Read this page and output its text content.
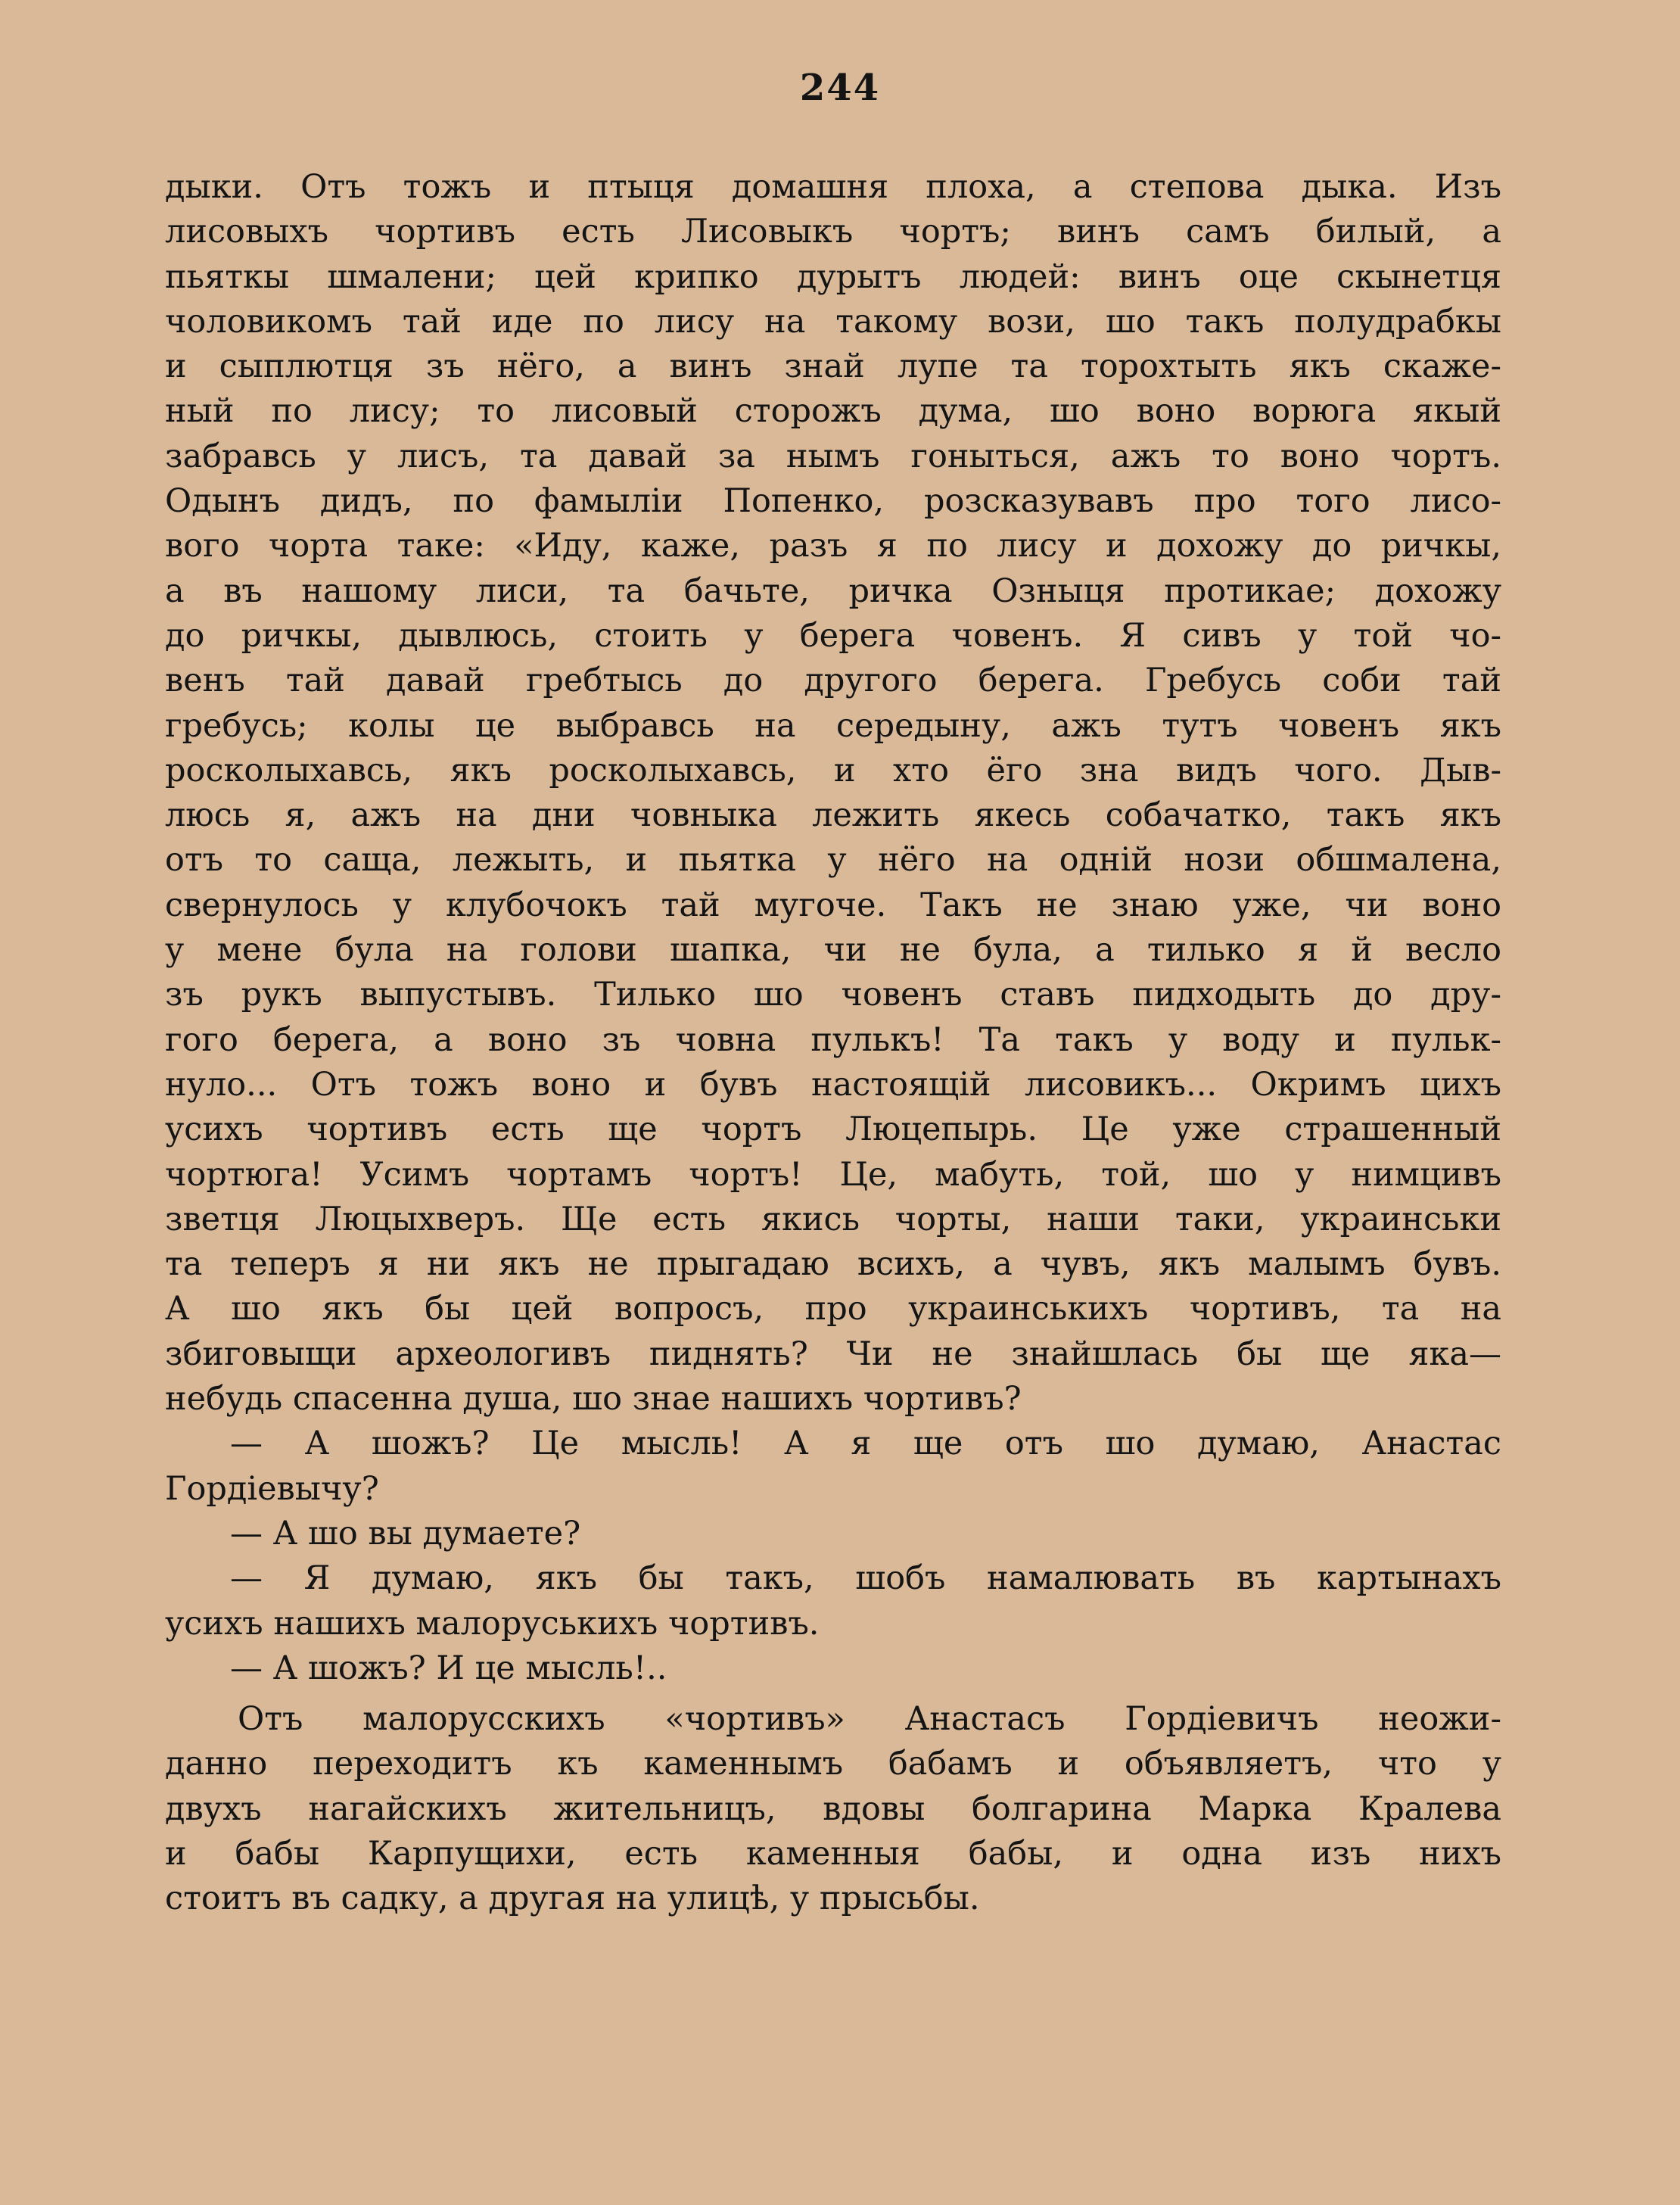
244
дыки. Отъ тожъ и птыця домашня плоха, а степова дыка. Изъ
лисовыхъ чортивъ есть Лисовыкъ чортъ; винъ самъ билый, а
пьяткы шмалени; цей крипко дурытъ людей: винъ оце скынетця
чоловикомъ тай иде по лису на такому вози, шо такъ полудрабкы
и сыплютця зъ нёго, а винъ знай лупе та торохтыть якъ скаже-
ный по лису; то лисовый сторожъ дума, шо воно ворюга якый
забравсь у лисъ, та давай за нымъ гоныться, ажъ то воно чортъ.
Одынъ дидъ, по фамыліи Попенко, розсказувавъ про того лисо-
вого чорта таке: «Иду, каже, разъ я по лису и дохожу до ричкы,
а въ нашому лиси, та бачьте, ричка Озныця протикае; дохожу
до ричкы, дывлюсь, стоить у берега човенъ. Я сивъ у той чо-
венъ тай давай гребтысь до другого берега. Гребусь соби тай
гребусь; колы це выбравсь на середыну, ажъ тутъ човенъ якъ
росколыхавсь, якъ росколыхавсь, и хто ёго зна видъ чого. Дыв-
люсь я, ажъ на дни човныка лежить якесь собачатко, такъ якъ
отъ то саща, лежыть, и пьятка у нёго на одній нози обшмалена,
свернулось у клубочокъ тай мугоче. Такъ не знаю уже, чи воно
у мене була на голови шапка, чи не була, а тилько я й весло
зъ рукъ выпустывъ. Тилько шо човенъ ставъ пидходыть до дру-
гого берега, а воно зъ човна пулькъ! Та такъ у воду и пульк-
нуло... Отъ тожъ воно и бувъ настоящій лисовикъ... Окримъ цихъ
усихъ чортивъ есть ще чортъ Люцепырь. Це уже страшенный
чортюга! Усимъ чортамъ чортъ! Це, мабуть, той, шо у нимцивъ
зветця Люцыхверъ. Ще есть якись чорты, наши таки, украинськи
та теперъ я ни якъ не прыгадаю всихъ, а чувъ, якъ малымъ бувъ.
А шо якъ бы цей вопросъ, про украинськихъ чортивъ, та на
збиговыщи археологивъ пиднять? Чи не знайшлась бы ще яка—
небудь спасенна душа, шо знае нашихъ чортивъ?
— А шожъ? Це мысль! А я ще отъ шо думаю, Анастас
Гордіевычу?
— А шо вы думаете?
— Я думаю, якъ бы такъ, шобъ намалювать въ картынахъ
усихъ нашихъ малоруськихъ чортивъ.
— А шожъ? И це мысль!..
Отъ малорусскихъ «чортивъ» Анастасъ Гордіевичъ неожи-
данно переходитъ къ каменнымъ бабамъ и объявляетъ, что у
двухъ нагайскихъ жительницъ, вдовы болгарина Марка Кралева
и бабы Карпущихи, есть каменныя бабы, и одна изъ нихъ
стоитъ въ садку, а другая на улицѣ, у прысьбы.
